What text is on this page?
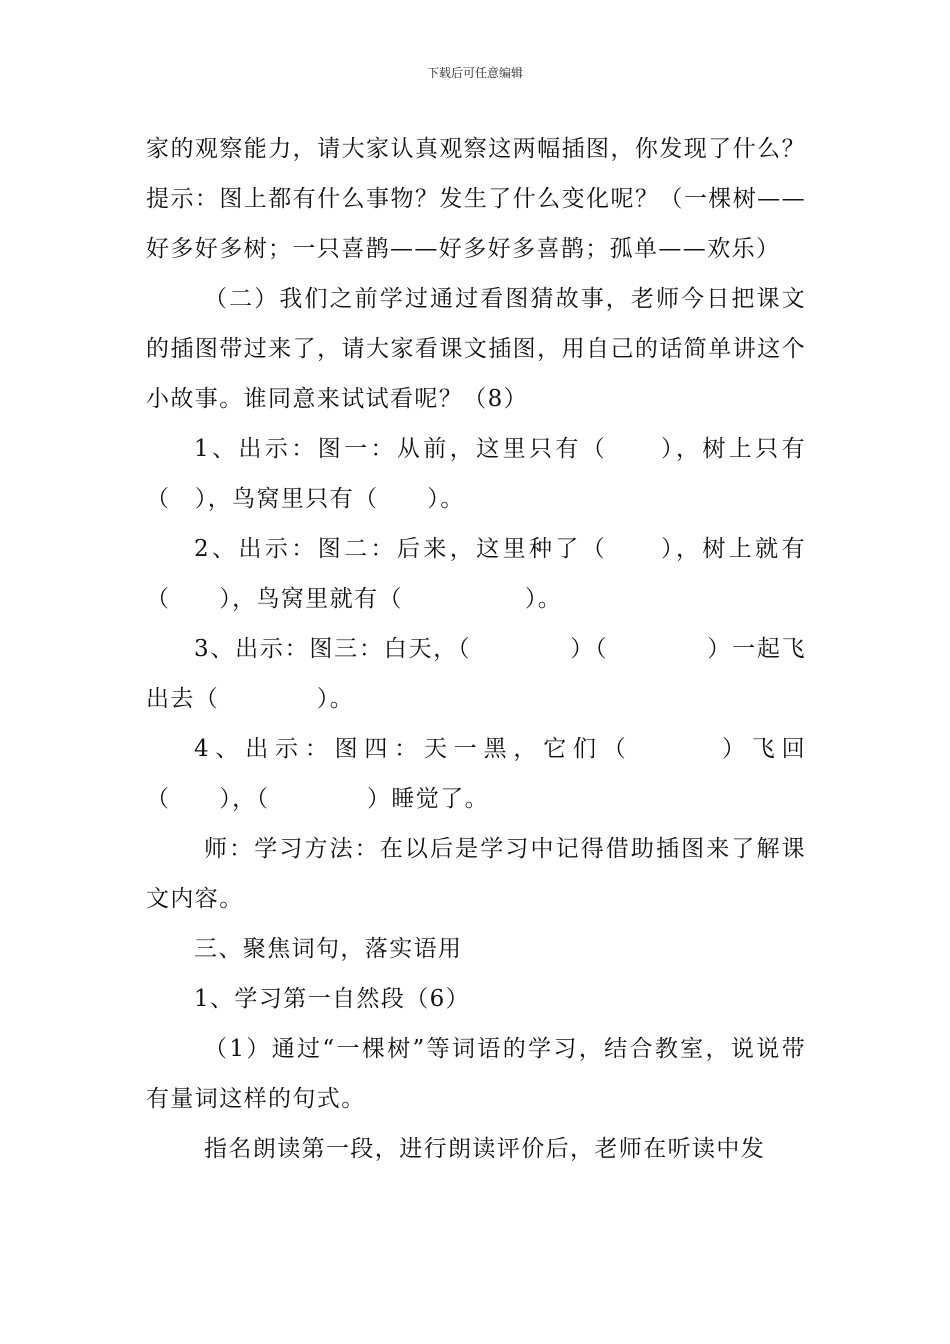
下载后可任意编辑

家的观察能力，请大家认真观察这两幅插图，你发现了什么？提示：图上都有什么事物？发生了什么变化呢？（一棵树——好多好多树；一只喜鹊——好多好多喜鹊；孤单——欢乐）

（二）我们之前学过通过看图猜故事，老师今日把课文的插图带过来了，请大家看课文插图，用自己的话简单讲这个小故事。谁同意来试试看呢？（8）

1、出示：图一：从前，这里只有（　　），树上只有（　），鸟窝里只有（　　）。

2、出示：图二：后来，这里种了（　　），树上就有（　　），鸟窝里就有（　　　　　）。

3、出示：图三：白天，（　　　　）（　　　　）一起飞出去（　　　　）。

4、出示：图四：天一黑，它们（　　　）飞回（　　），（　　　　）睡觉了。

师：学习方法：在以后是学习中记得借助插图来了解课文内容。

三、聚焦词句，落实语用

1、学习第一自然段（6）

（1）通过“一棵树”等词语的学习，结合教室，说说带有量词这样的句式。

指名朗读第一段，进行朗读评价后，老师在听读中发
